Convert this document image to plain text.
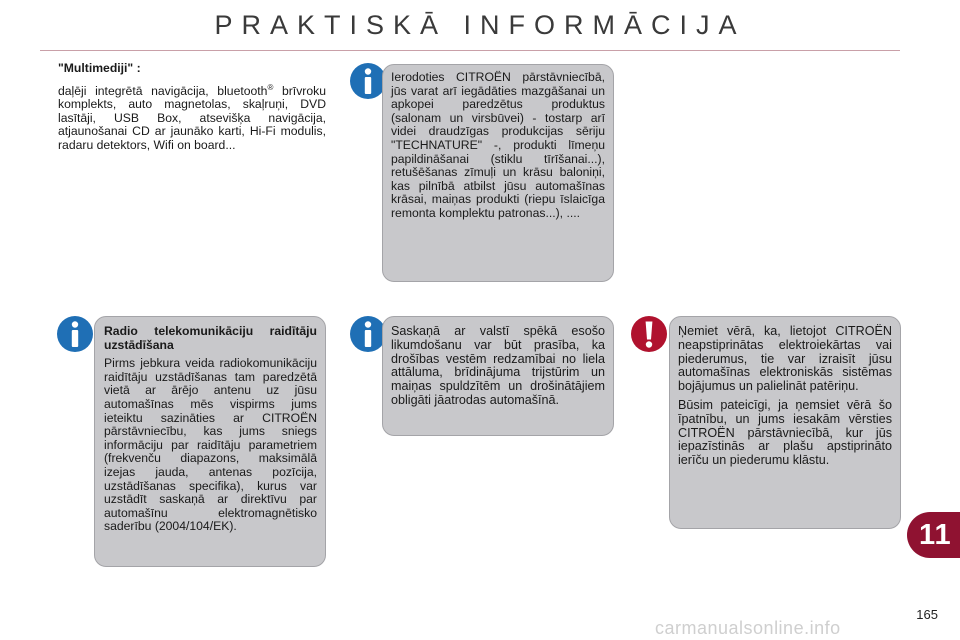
PRAKTISKĀ INFORMĀCIJA
"Multimediji" :
daļēji integrētā navigācija, bluetooth® brīvroku komplekts, auto magnetolas, skaļruņi, DVD lasītāji, USB Box, atsevišķa navigācija, atjaunošanai CD ar jaunāko karti, Hi-Fi modulis, radaru detektors, Wifi on board...

Ierodoties CITROËN pārstāvniecībā, jūs varat arī iegādāties mazgāšanai un apkopei paredzētus produktus (salonam un virsbūvei) - tostarp arī videi draudzīgas produkcijas sēriju "TECHNATURE" -, produkti līmeņu papildināšanai (stiklu tīrīšanai...), retušēšanas zīmuļi un krāsu baloniņi, kas pilnībā atbilst jūsu automašīnas krāsai, maiņas produkti (riepu īslaicīga remonta komplektu patronas...), ....

Radio telekomunikāciju raidītāju uzstādīšana

Pirms jebkura veida radiokomunikāciju raidītāju uzstādīšanas tam paredzētā vietā ar ārējo antenu uz jūsu automašīnas mēs vispirms jums ieteiktu sazināties ar CITROËN pārstāvniecību, kas jums sniegs informāciju par raidītāju parametriem (frekvenču diapazons, maksimālā izejas jauda, antenas pozīcija, uzstādīšanas specifika), kurus var uzstādīt saskaņā ar direktīvu par automašīnu elektromagnētisko saderību (2004/104/EK).

Saskaņā ar valstī spēkā esošo likumdošanu var būt prasība, ka drošības vestēm redzamībai no liela attāluma, brīdinājuma trijstūrim un maiņas spuldzītēm un drošinātājiem obligāti jāatrodas automašīnā.

Ņemiet vērā, ka, lietojot CITROËN neapstiprinātas elektroiekārtas vai piederumus, tie var izraisīt jūsu automašīnas elektroniskās sistēmas bojājumus un palielināt patēriņu.

Būsim pateicīgi, ja ņemsiet vērā šo īpatnību, un jums iesakām vērsties CITROËN pārstāvniecībā, kur jūs iepazīstinās ar plašu apstiprināto ierīču un piederumu klāstu.

11
165
carmanualsonline.info
